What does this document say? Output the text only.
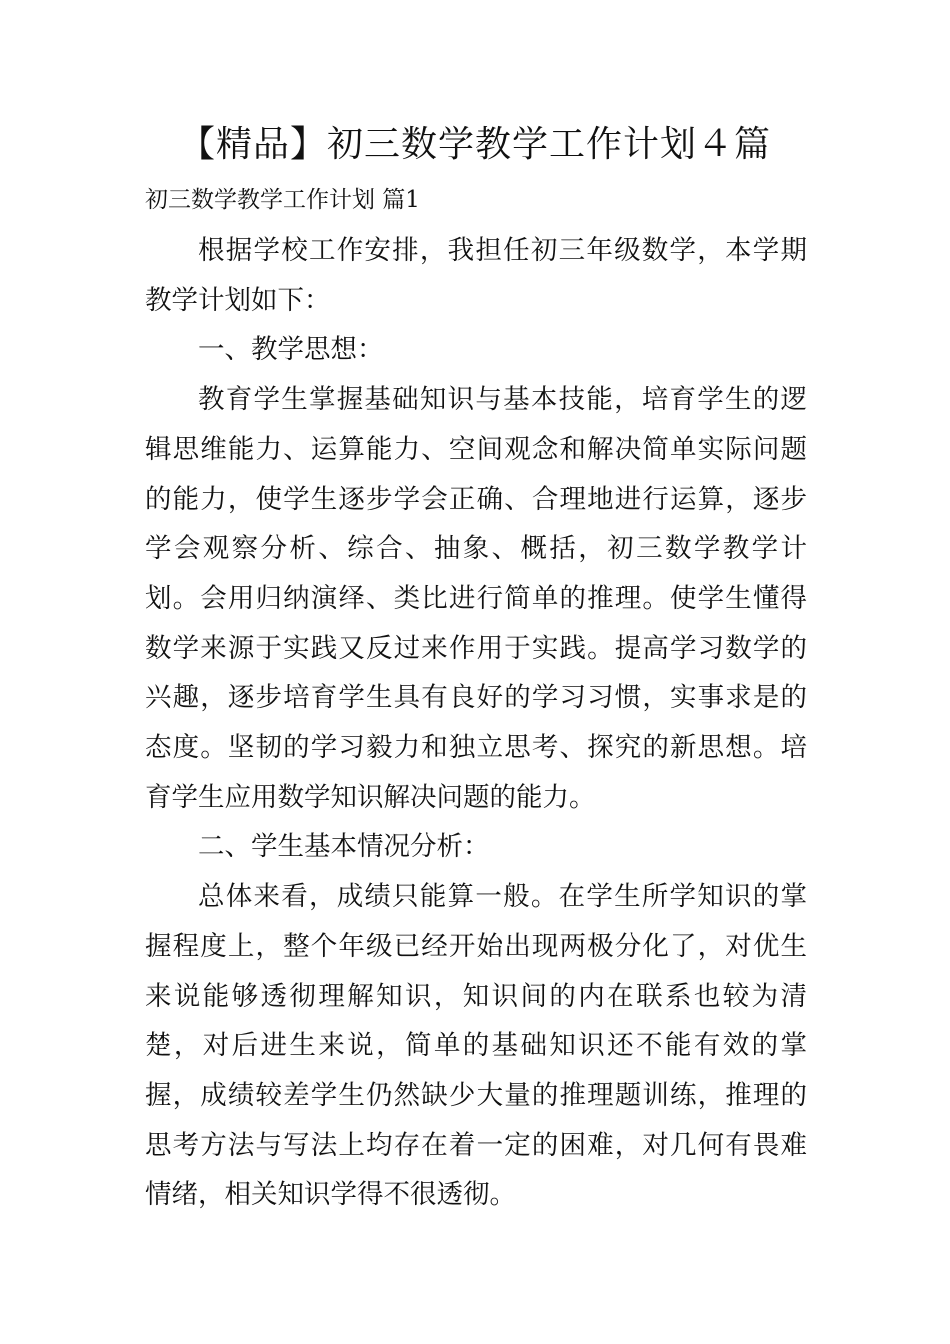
【精品】初三数学教学工作计划４篇
初三数学教学工作计划 篇1

根据学校工作安排，我担任初三年级数学，本学期教学计划如下：

一、教学思想：

教育学生掌握基础知识与基本技能，培育学生的逻辑思维能力、运算能力、空间观念和解决简单实际问题的能力，使学生逐步学会正确、合理地进行运算，逐步学会观察分析、综合、抽象、概括，初三数学教学计划。会用归纳演绎、类比进行简单的推理。使学生懂得数学来源于实践又反过来作用于实践。提高学习数学的兴趣，逐步培育学生具有良好的学习习惯，实事求是的态度。坚韧的学习毅力和独立思考、探究的新思想。培育学生应用数学知识解决问题的能力。

二、学生基本情况分析：

总体来看，成绩只能算一般。在学生所学知识的掌握程度上，整个年级已经开始出现两极分化了，对优生来说能够透彻理解知识，知识间的内在联系也较为清楚，对后进生来说，简单的基础知识还不能有效的掌握，成绩较差学生仍然缺少大量的推理题训练，推理的思考方法与写法上均存在着一定的困难，对几何有畏难情绪，相关知识学得不很透彻。
